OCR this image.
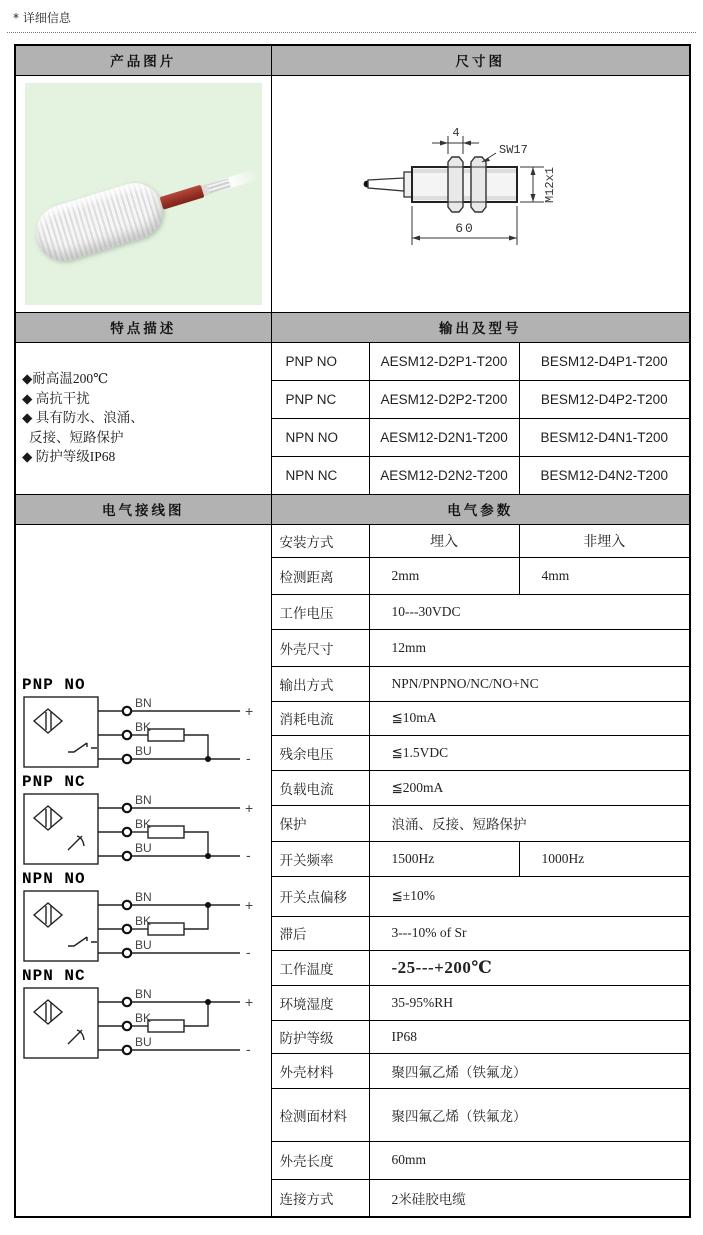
* 详细信息
产品图片	尺寸图		

4
SW17
M12x1
60		

特点描述	输出及型号		

◆耐高温200℃
◆ 高抗干扰
◆ 具有防水、浪涌、
反接、短路保护
◆ 防护等级IP68	PNP NO	AESM12-D2P1-T200	BESM12-D4P1-T200
	PNP NC	AESM12-D2P2-T200	BESM12-D4P2-T200
	NPN NO	AESM12-D2N1-T200	BESM12-D4N1-T200
	NPN NC	AESM12-D2N2-T200	BESM12-D4N2-T200
电气接线图	电气参数		

PNP NO
BN
BK
BU
+
-
PNP NC
BN
BK
BU
+
-
NPN NO
BN
BK
BU
+
-
NPN NC
BN
BK
BU
+
-
	安装方式	埋入	非埋入
	检测距离	2mm	4mm
	工作电压	10---30VDC	
	外壳尺寸	12mm	
	输出方式	NPN/PNPNO/NC/NO+NC	
	消耗电流	≦10mA	
	残余电压	≦1.5VDC	
	负载电流	≦200mA	
	保护	浪涌、反接、短路保护	
	开关频率	1500Hz	1000Hz
	开关点偏移	≦±10%	
	滞后	3---10% of Sr	
	工作温度	-25---+200℃	
	环境湿度	35-95%RH	
	防护等级	IP68	
	外壳材料	聚四氟乙烯（铁氟龙）	
	检测面材料	聚四氟乙烯（铁氟龙）	
	外壳长度	60mm	
	连接方式	2米硅胶电缆	
